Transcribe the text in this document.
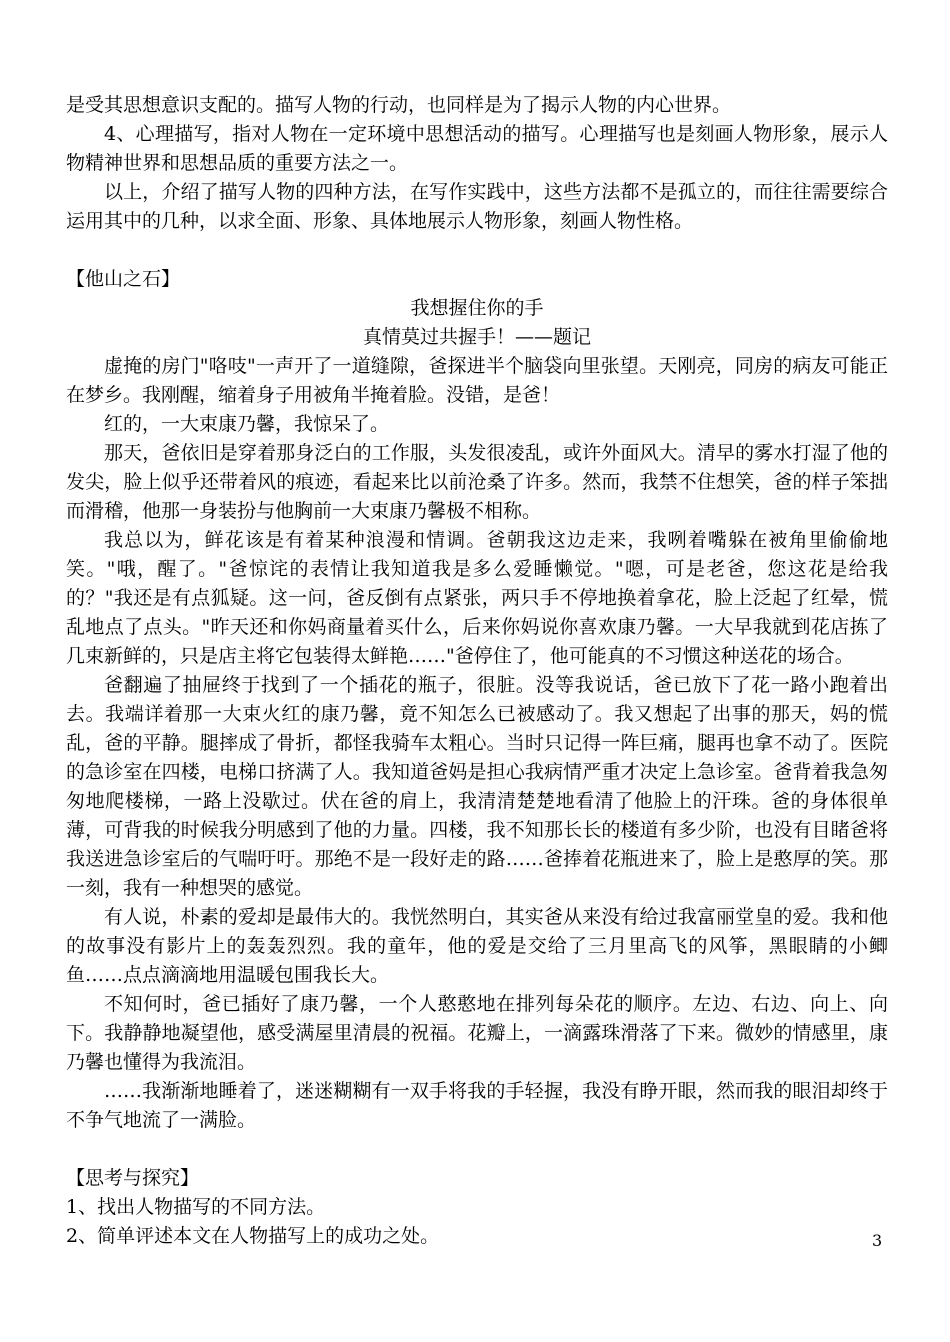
是受其思想意识支配的。描写人物的行动，也同样是为了揭示人物的内心世界。

4、心理描写，指对人物在一定环境中思想活动的描写。心理描写也是刻画人物形象，展示人物精神世界和思想品质的重要方法之一。

以上，介绍了描写人物的四种方法，在写作实践中，这些方法都不是孤立的，而往往需要综合运用其中的几种，以求全面、形象、具体地展示人物形象，刻画人物性格。

【他山之石】

我想握住你的手

真情莫过共握手！——题记

虚掩的房门"咯吱"一声开了一道缝隙，爸探进半个脑袋向里张望。天刚亮，同房的病友可能正在梦乡。我刚醒，缩着身子用被角半掩着脸。没错，是爸！

红的，一大束康乃馨，我惊呆了。

那天，爸依旧是穿着那身泛白的工作服，头发很凌乱，或许外面风大。清早的雾水打湿了他的发尖，脸上似乎还带着风的痕迹，看起来比以前沧桑了许多。然而，我禁不住想笑，爸的样子笨拙而滑稽，他那一身装扮与他胸前一大束康乃馨极不相称。

我总以为，鲜花该是有着某种浪漫和情调。爸朝我这边走来，我咧着嘴躲在被角里偷偷地笑。"哦，醒了。"爸惊诧的表情让我知道我是多么爱睡懒觉。"嗯，可是老爸，您这花是给我的？"我还是有点狐疑。这一问，爸反倒有点紧张，两只手不停地换着拿花，脸上泛起了红晕，慌乱地点了点头。"昨天还和你妈商量着买什么，后来你妈说你喜欢康乃馨。一大早我就到花店拣了几束新鲜的，只是店主将它包装得太鲜艳……"爸停住了，他可能真的不习惯这种送花的场合。

爸翻遍了抽屉终于找到了一个插花的瓶子，很脏。没等我说话，爸已放下了花一路小跑着出去。我端详着那一大束火红的康乃馨，竟不知怎么已被感动了。我又想起了出事的那天，妈的慌乱，爸的平静。腿摔成了骨折，都怪我骑车太粗心。当时只记得一阵巨痛，腿再也拿不动了。医院的急诊室在四楼，电梯口挤满了人。我知道爸妈是担心我病情严重才决定上急诊室。爸背着我急匆匆地爬楼梯，一路上没歇过。伏在爸的肩上，我清清楚楚地看清了他脸上的汗珠。爸的身体很单薄，可背我的时候我分明感到了他的力量。四楼，我不知那长长的楼道有多少阶，也没有目睹爸将我送进急诊室后的气喘吁吁。那绝不是一段好走的路……爸捧着花瓶进来了，脸上是憨厚的笑。那一刻，我有一种想哭的感觉。

有人说，朴素的爱却是最伟大的。我恍然明白，其实爸从来没有给过我富丽堂皇的爱。我和他的故事没有影片上的轰轰烈烈。我的童年，他的爱是交给了三月里高飞的风筝，黑眼睛的小鲫鱼……点点滴滴地用温暖包围我长大。

不知何时，爸已插好了康乃馨，一个人憨憨地在排列每朵花的顺序。左边、右边、向上、向下。我静静地凝望他，感受满屋里清晨的祝福。花瓣上，一滴露珠滑落了下来。微妙的情感里，康乃馨也懂得为我流泪。

……我渐渐地睡着了，迷迷糊糊有一双手将我的手轻握，我没有睁开眼，然而我的眼泪却终于不争气地流了一满脸。

【思考与探究】

1、找出人物描写的不同方法。

2、简单评述本文在人物描写上的成功之处。	3
